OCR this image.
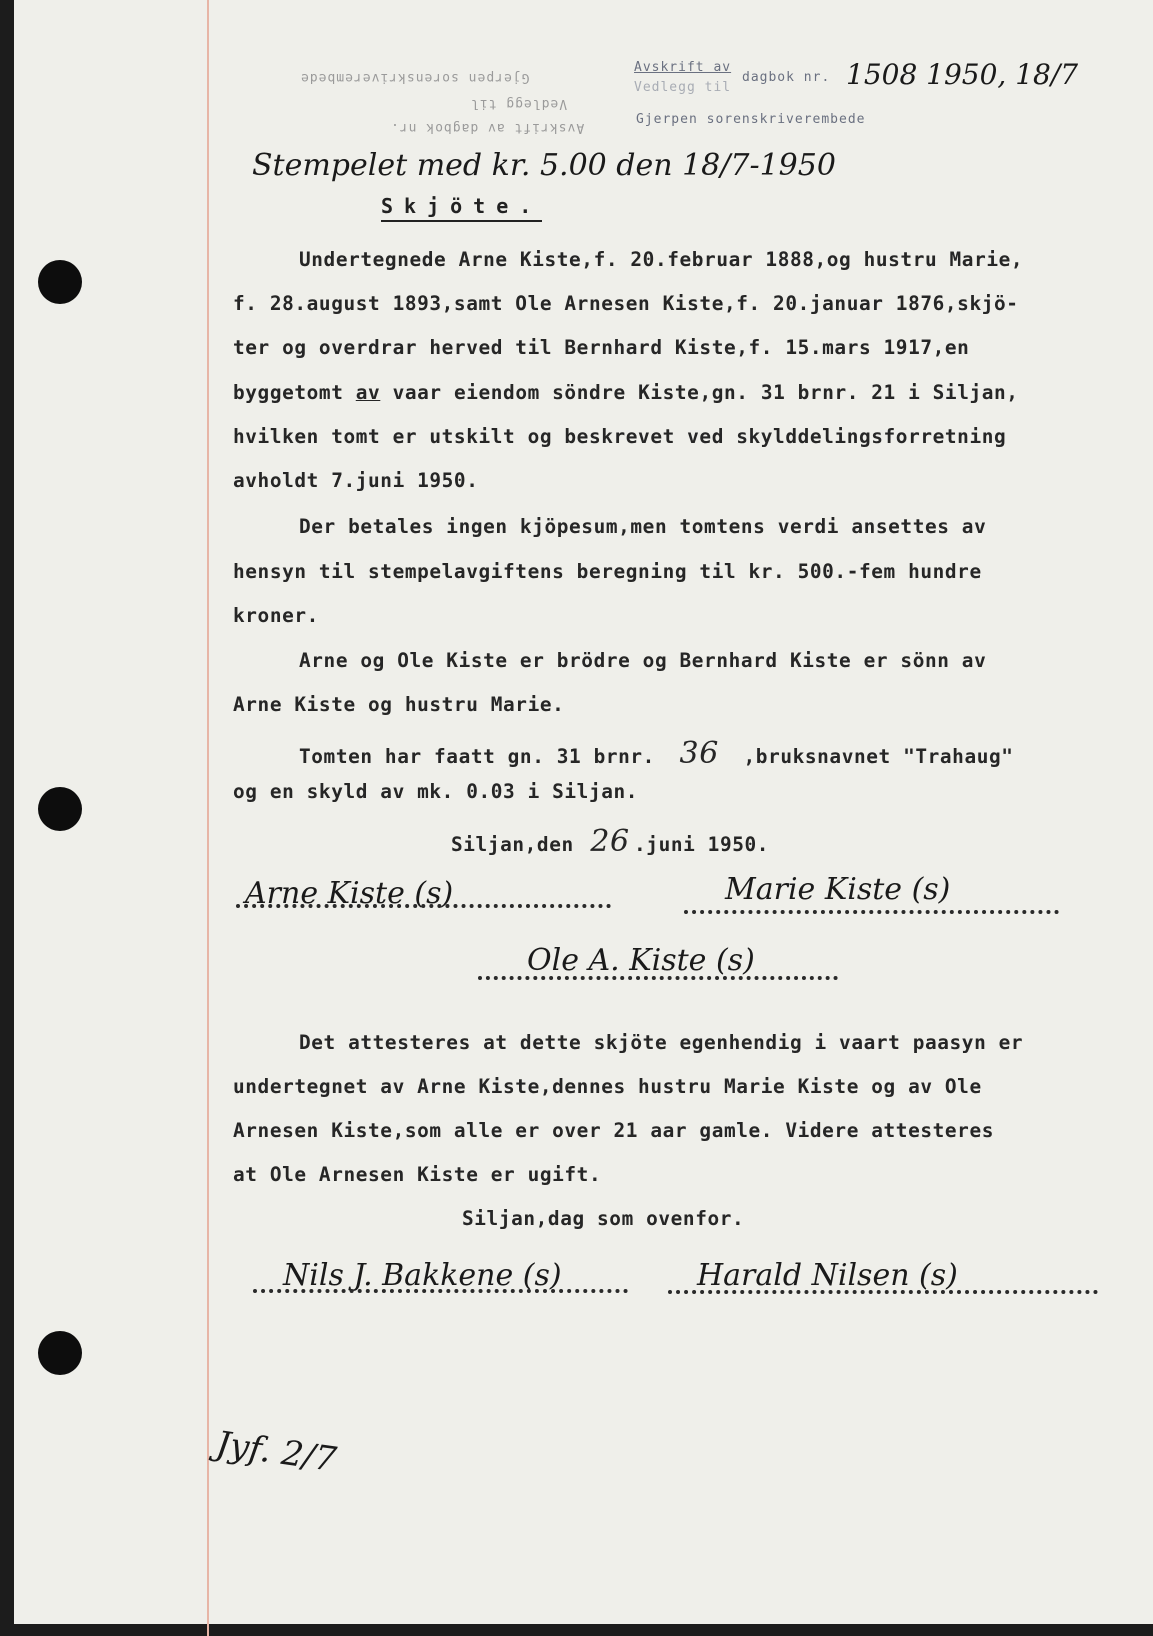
Gjerpen sorenskriverembede
Vedlegg til
Avskrift av dagbok nr.
Avskrift av
Vedlegg til
dagbok nr.
Gjerpen sorenskriverembede
1508 1950, 18/7
Stempelet med kr. 5.00 den 18/7-1950
Skjöte.
Undertegnede Arne Kiste,f. 20.februar 1888,og hustru Marie,
f. 28.august 1893,samt Ole Arnesen Kiste,f. 20.januar 1876,skjö-
ter og overdrar herved til Bernhard Kiste,f. 15.mars 1917,en
byggetomt av vaar eiendom söndre Kiste,gn. 31 brnr. 21 i Siljan,
hvilken tomt er utskilt og beskrevet ved skylddelingsforretning
avholdt 7.juni 1950.
Der betales ingen kjöpesum,men tomtens verdi ansettes av
hensyn til stempelavgiftens beregning til kr. 500.-fem hundre
kroner.
Arne og Ole Kiste er brödre og Bernhard Kiste er sönn av
Arne Kiste og hustru Marie.
Tomten har faatt gn. 31 brnr. 36 ,bruksnavnet "Trahaug"
og en skyld av mk. 0.03 i Siljan.
Siljan,den 26 .juni 1950.
Arne Kiste (s)	Marie Kiste (s)
Ole A. Kiste (s)
Det attesteres at dette skjöte egenhendig i vaart paasyn er
undertegnet av Arne Kiste,dennes hustru Marie Kiste og av Ole
Arnesen Kiste,som alle er over 21 aar gamle. Videre attesteres
at Ole Arnesen Kiste er ugift.
Siljan,dag som ovenfor.
Nils J. Bakkene (s)	Harald Nilsen (s)
Jyf. 2/7
